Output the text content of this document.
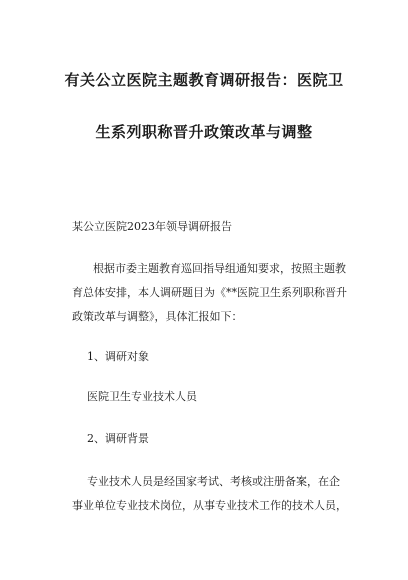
有关公立医院主题教育调研报告：医院卫
生系列职称晋升政策改革与调整
某公立医院2023年领导调研报告
根据市委主题教育巡回指导组通知要求，按照主题教
育总体安排，本人调研题目为《**医院卫生系列职称晋升
政策改革与调整》，具体汇报如下：
1、调研对象
医院卫生专业技术人员
2、调研背景
专业技术人员是经国家考试、考核或注册备案，在企
事业单位专业技术岗位，从事专业技术工作的技术人员，
